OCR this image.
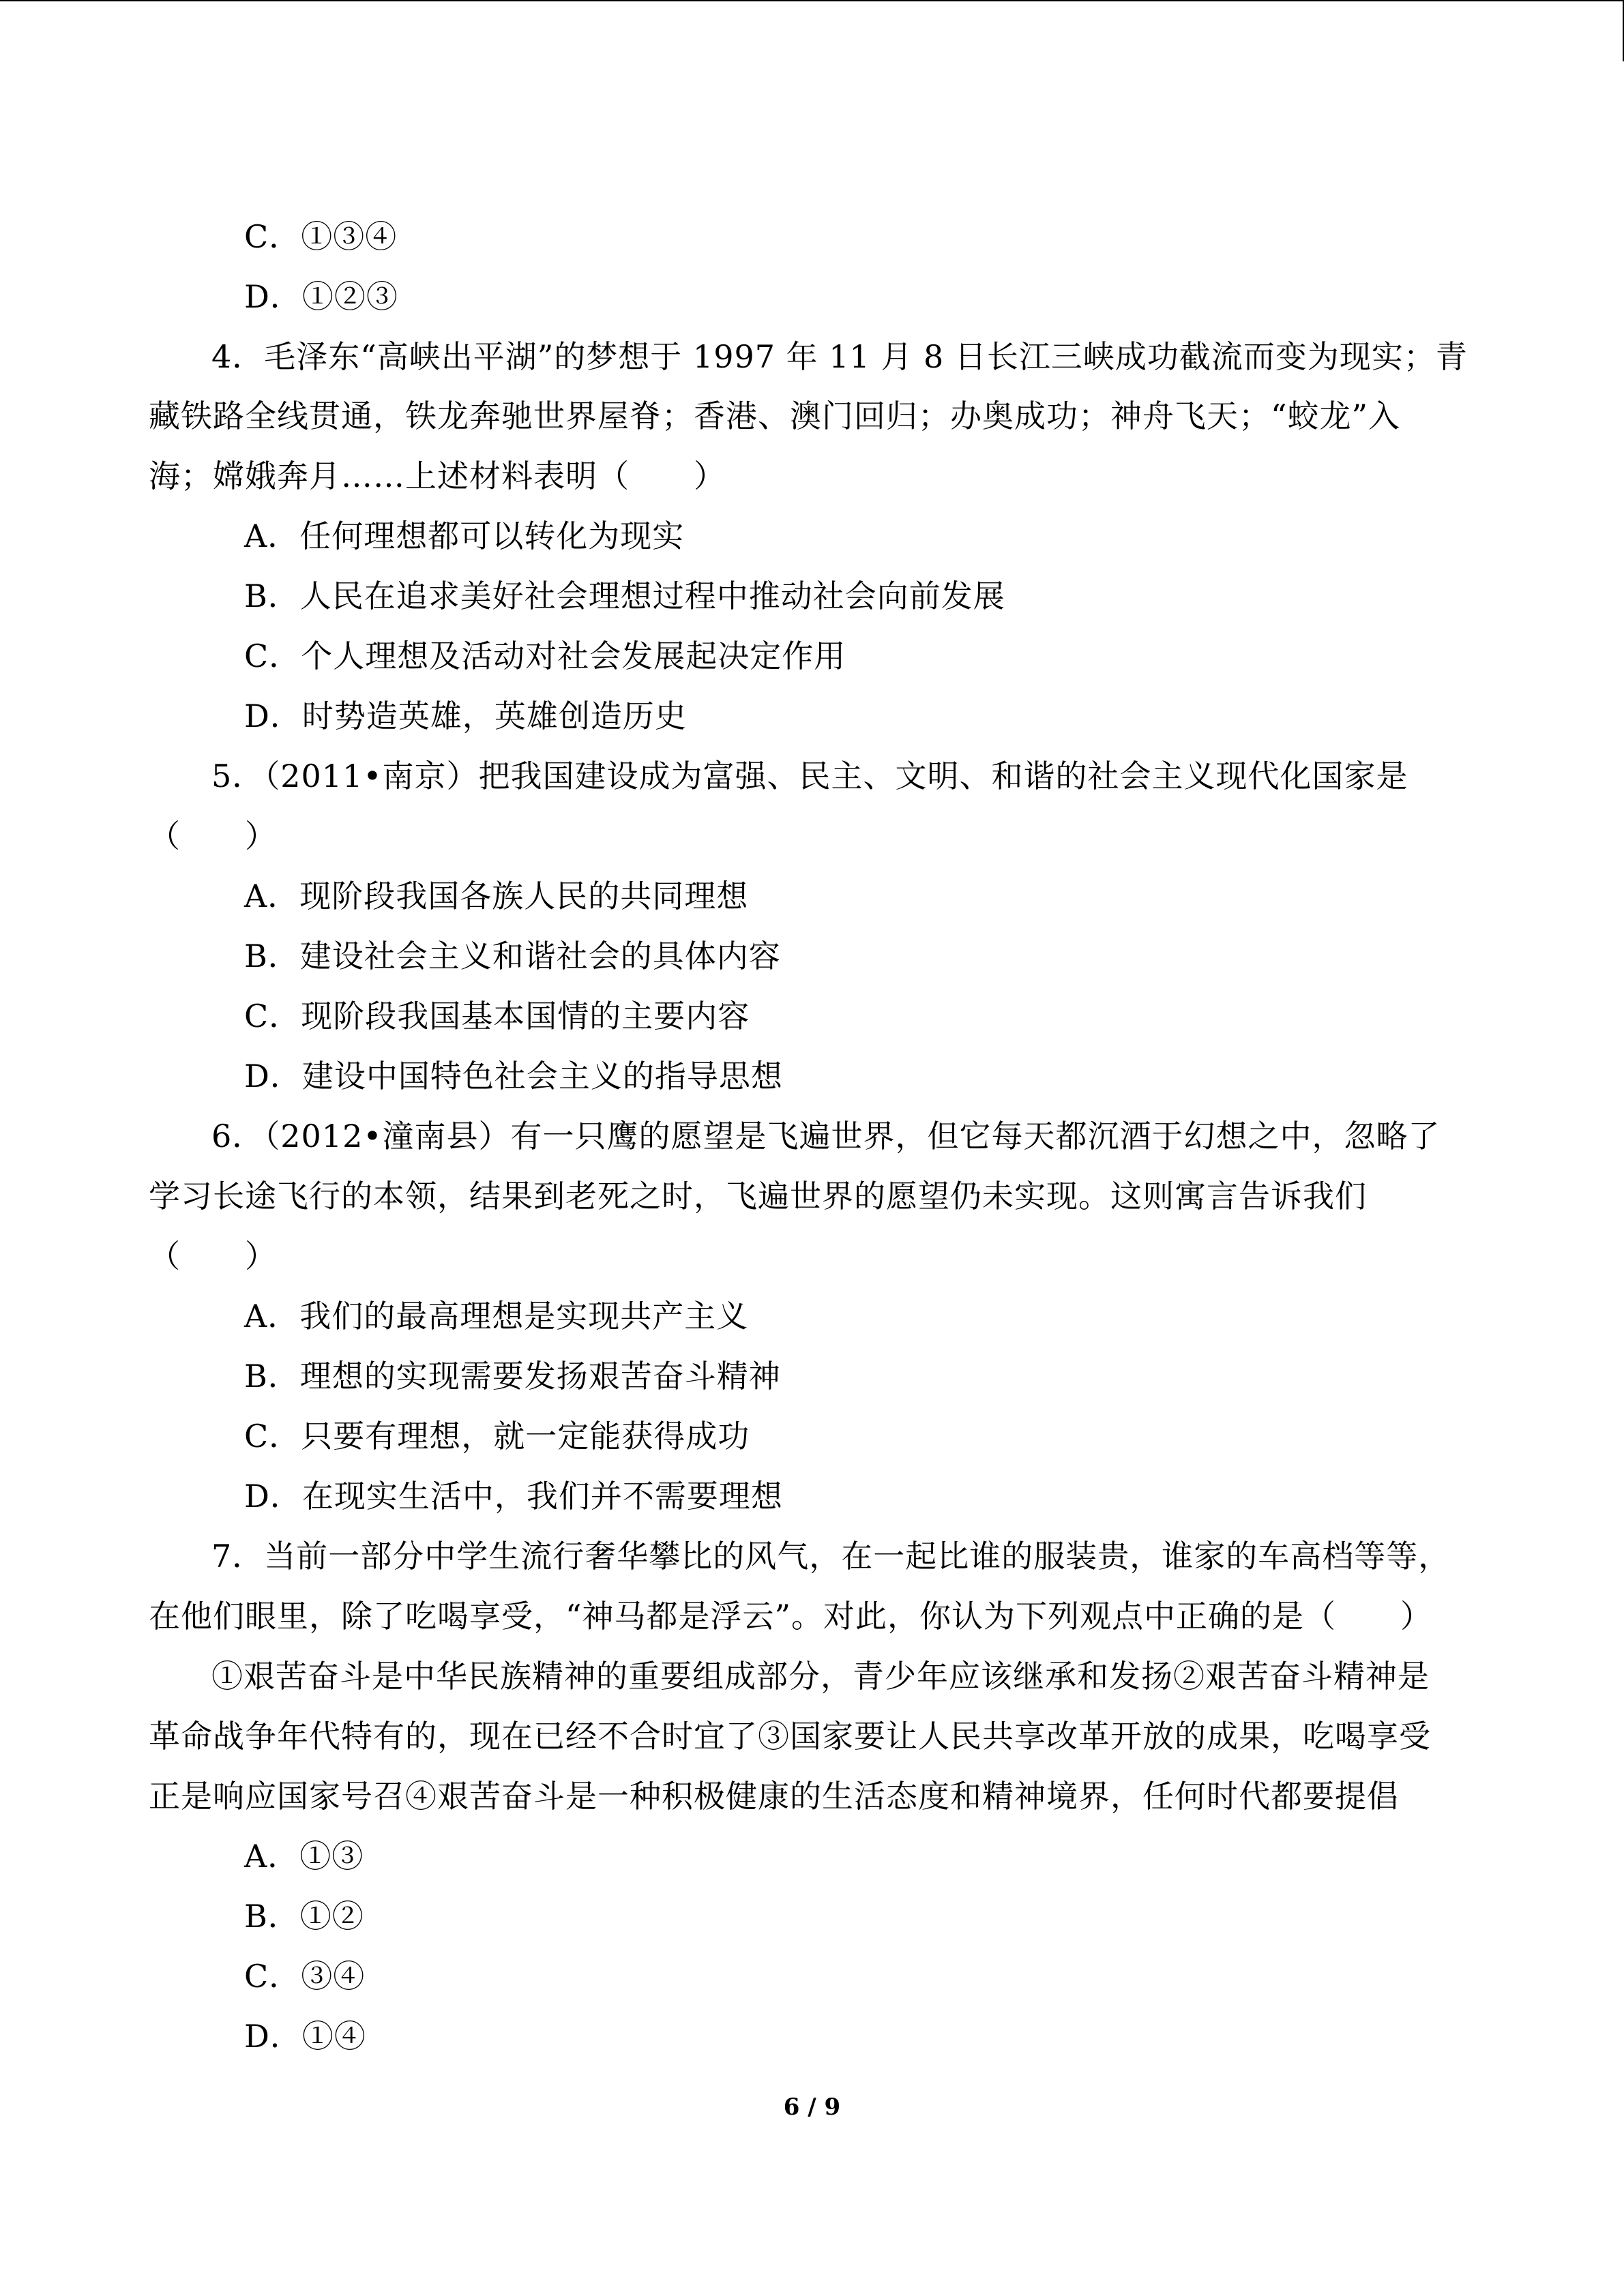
C．①③④
D．①②③
4．毛泽东“高峡出平湖”的梦想于 1997 年 11 月 8 日长江三峡成功截流而变为现实；青
藏铁路全线贯通，铁龙奔驰世界屋脊；香港、澳门回归；办奥成功；神舟飞天；“蛟龙”入
海；嫦娥奔月……上述材料表明（　　）
A．任何理想都可以转化为现实
B．人民在追求美好社会理想过程中推动社会向前发展
C．个人理想及活动对社会发展起决定作用
D．时势造英雄，英雄创造历史
5．（2011•南京）把我国建设成为富强、民主、文明、和谐的社会主义现代化国家是
（　　）
A．现阶段我国各族人民的共同理想
B．建设社会主义和谐社会的具体内容
C．现阶段我国基本国情的主要内容
D．建设中国特色社会主义的指导思想
6．（2012•潼南县）有一只鹰的愿望是飞遍世界，但它每天都沉酒于幻想之中，忽略了
学习长途飞行的本领，结果到老死之时，飞遍世界的愿望仍未实现。这则寓言告诉我们
（　　）
A．我们的最高理想是实现共产主义
B．理想的实现需要发扬艰苦奋斗精神
C．只要有理想，就一定能获得成功
D．在现实生活中，我们并不需要理想
7．当前一部分中学生流行奢华攀比的风气，在一起比谁的服装贵，谁家的车高档等等，
在他们眼里，除了吃喝享受，“神马都是浮云”。对此，你认为下列观点中正确的是（　　）
①艰苦奋斗是中华民族精神的重要组成部分，青少年应该继承和发扬②艰苦奋斗精神是
革命战争年代特有的，现在已经不合时宜了③国家要让人民共享改革开放的成果，吃喝享受
正是响应国家号召④艰苦奋斗是一种积极健康的生活态度和精神境界，任何时代都要提倡
A．①③
B．①②
C．③④
D．①④
6 / 9
